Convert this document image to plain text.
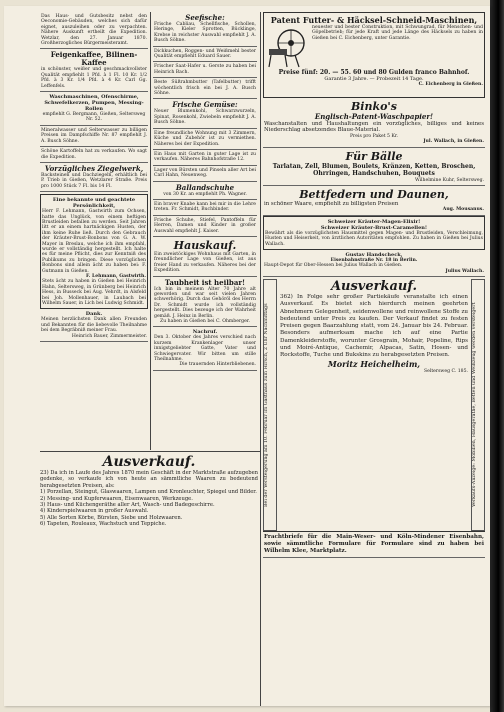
Das Haus- und Gutsbesitz nebst den Oeconomie-Gebäuden, welches sich dafür eignet, auszuleihen oder zu verpachten. Nähere Auskunft ertheilt die Expedition. Wetzlar, den 27. Januar 1870. Großherzogliches Bürgermeisteramt.
Feigenkaffee, Bilinen-Kaffee
in schönster, weißer und geschmackvollster Qualität empfiehlt 1 Pfd. à 1 Fl. 10 Kr. 1/2 Pfd. à 3 Kr. 1/4 Pfd. à 4 Kr. Carl Gg. Leffenfels.
Waschmaschinen, Ofenschirme, Schwefelkerzen, Pumpen, Messing-Rollen
empfiehlt G. Bergmann, Gießen, Seltersweg Nr. 52.
Mineralwasser und Selterwasser zu billigen Preisen im Dampfschiffe Nr. 87 empfiehlt J. A. Busch Söhne.
Schöne Kartoffeln hat zu verkaufen. Wo sagt die Expedition.
Vorzügliches Ziegelwerk,
Backsteinen und Dachziegeln, erhältlich bei P. Trieb in Gießen, Wetzlarer Straße. Preis pro 1000 Stück 7 Fl. bis 14 Fl.
Eine bekannte und geachtete Persönlichkeit,
Herr F. Lehmann, Gastwirth zum Ochsen, hatte das Unglück, von einem heftigen Brustleiden befallen zu werden. Seit Jahren litt er an einem hartnäckigen Husten, der ihm keine Ruhe ließ. Durch den Gebrauch der Kräuter-Brust-Bonbons von G. A. W. Mayer in Breslau, welche ich ihm empfahl, wurde er vollständig hergestellt. Ich halte es für meine Pflicht, dies zur Kenntniß des Publikums zu bringen. Diese vorzüglichen Bonbons sind allein ächt zu haben bei: F. Gutmann in Gießen.
F. Lehmann, Gastwirth.
Stets ächt zu haben in Gießen bei Heinrich Hahn, Seltersweg, in Grünberg bei Heinrich Hess, in Busseck bei Aug. Vehrdt, in Alsfeld bei Joh. Mollenhauer, in Laubach bei Wilhelm Sauer, in Lich bei Ludwig Schmidt.
Dank.
Meinen herzlichsten Dank allen Freunden und Bekannten für die liebevolle Theilnahme bei dem Begräbniß meiner Frau.
Heinrich Bauer, Zimmermeister.
Seefische:
Frische Cabliau, Schellfische, Schollen, Heringe, Kieler Sprotten, Bücklinge, Krebse in reichster Auswahl empfiehlt J. A. Busch Söhne.
Dickkuchen, Roggen- und Weißmehl bester Qualität empfiehlt Eduard Sauer.
Frischer Saat-Hafer u. Gerste zu haben bei Heinrich Bach.
Beste Süßrahmbutter (Tafelbutter) trifft wöchentlich frisch ein bei J. A. Busch Söhne.
Frische Gemüse:
Neuer Blumenkohl, Schwarzwurzeln, Spinat, Rosenkohl, Zwiebeln empfiehlt J. A. Busch Söhne.
Eine freundliche Wohnung mit 3 Zimmern, Küche und Zubehör ist zu vermiethen. Näheres bei der Expedition.
Ein Haus mit Garten in guter Lage ist zu verkaufen. Näheres Bahnhofstraße 12.
Lager von Bürsten und Pinseln aller Art bei Carl Hahn, Neuenweg.
Ballandschuhe
von 30 Kr. an empfiehlt Ph. Wagner.
Ein braver Knabe kann bei mir in die Lehre treten. Fr. Schmidt, Buchbinder.
Frische Schuhe, Stiefel, Pantoffeln für Herren, Damen und Kinder in großer Auswahl empfiehlt J. Kaiser.
Hauskauf.
Ein zweistöckiges Wohnhaus mit Garten, in freundlicher Lage von Gießen, ist aus freier Hand zu verkaufen. Näheres bei der Expedition.
Taubheit ist heilbar!
Ich bin in meinem Alter 70 Jahre alt geworden und war seit vielen Jahren schwerhörig. Durch das Gehöröl des Herrn Dr. Schmidt wurde ich vollständig hergestellt. Dies bezeuge ich der Wahrheit gemäß. J. Heinz in Berlin.
Zu haben in Gießen bei C. Ohmberger.
Nachruf.
Den 3. Oktober des Jahres verschied nach kurzem Krankenlager unser innigstgeliebter Gatte, Vater und Schwiegervater. Wir bitten um stille Theilnahme.
Die trauernden Hinterbliebenen.
Patent Futter- & Häcksel-Schneid-Maschinen,
neuester und bester Construktion, mit Schwungrad, für Menschen- und Göpelbetrieb; für jede Kraft und jede Länge des Häcksels zu haben in Gießen bei C. Eichenberg, unter Garantie.
Preise fünf: 20. — 55. 60 und 80 Gulden franco Bahnhof.
Garantie 3 Jahre. — Probezeit 14 Tage.
C. Eichenberg in Gießen.
Binko's
Englisch-Patent-Waschpapier!
Waschanstalten und Haushaltungen ein vorzügliches, billiges und keines Niederschlag absetzendes Blaue-Material.
Preis pro Paket 5 Kr.
Jul. Wallach, in Gießen.
Für Bälle
Tarlatan, Zell, Blumen, Boulets, Kränzen, Ketten, Broschen, Ohrringen, Handschuhen, Bouquets
Wilhelmine Kuhr, Seltersweg.
Bettfedern und Daunen,
in schöner Waare, empfiehlt zu billigsten Preisen
Aug. Mousanus.
Schweizer Kräuter-Magen-Elixir!
Schweizer Kräuter-Brust-Caramellen!
Bewährt als die vorzüglichsten Hausmittel gegen Magen- und Brustleiden, Verschleimung, Husten und Heiserkeit, von ärztlichen Autoritäten empfohlen. Zu haben in Gießen bei Julius Wallach.
Gustav Handscheck,
Eisenbahnstraße Nr. 18 in Berlin.
Haupt-Depot für Ober-Hessen bei Julius Wallach in Gießen.
Julius Wallach.
Bei der Versteigerung am 10. Februar im Gasthaus zum Hirsch, 2 Uhr Nachmittags
Ausverkauf.
362) In Folge sehr großer Partiekäufe veranstalte ich einen Ausverkauf. Es bietet sich hierdurch meinen geehrten Abnehmern Gelegenheit, seidenwollene und reinwollene Stoffe zu bedeutend unter Preis zu kaufen. Der Verkauf findet zu festen Preisen gegen Baarzahlung statt, vom 24. Januar bis 24. Februar. Besonders aufmerksam mache ich auf eine Partie Damenkleiderstoffe, worunter Grosgrain, Mohair, Popeline, Rips und Moiré-Antique, Cachemir, Alpacas, Satin, Hosen- und Rockstoffe, Tuche und Bukskins zu herabgesetzten Preisen.
Moritz Heichelheim,
Seltersweg C. 185. Verkaufs-Anzeige: Mobilien, Hausgeräthe, Betten und Weißzeug werden versteigert
Frachtbriefe für die Main-Weser- und Köln-Mindener Eisenbahn, sowie sämmtliche Formulare für Formulare sind zu haben bei Wilhelm Klee, Marktplatz.
Ausverkauf.
23) Da ich in Laufe des Jahres 1870 mein Geschäft in der Marktstraße aufzugeben gedenke, so verkaufe ich von heute an sämmtliche Waaren zu bedeutend herabgesetzten Preisen, als:
1) Porzellan, Steingut, Glaswaaren, Lampen und Kronleuchter, Spiegel und Bilder.
2) Messing- und Kupferwaaren, Eisenwaaren, Werkzeuge.
3) Haus- und Küchengeräthe aller Art, Wasch- und Badegeschirre.
4) Kinderspielwaaren in großer Auswahl.
5) Alle Sorten Körbe, Bürsten, Siebe und Holzwaaren.
6) Tapeten, Rouleaux, Wachstuch und Teppiche.
